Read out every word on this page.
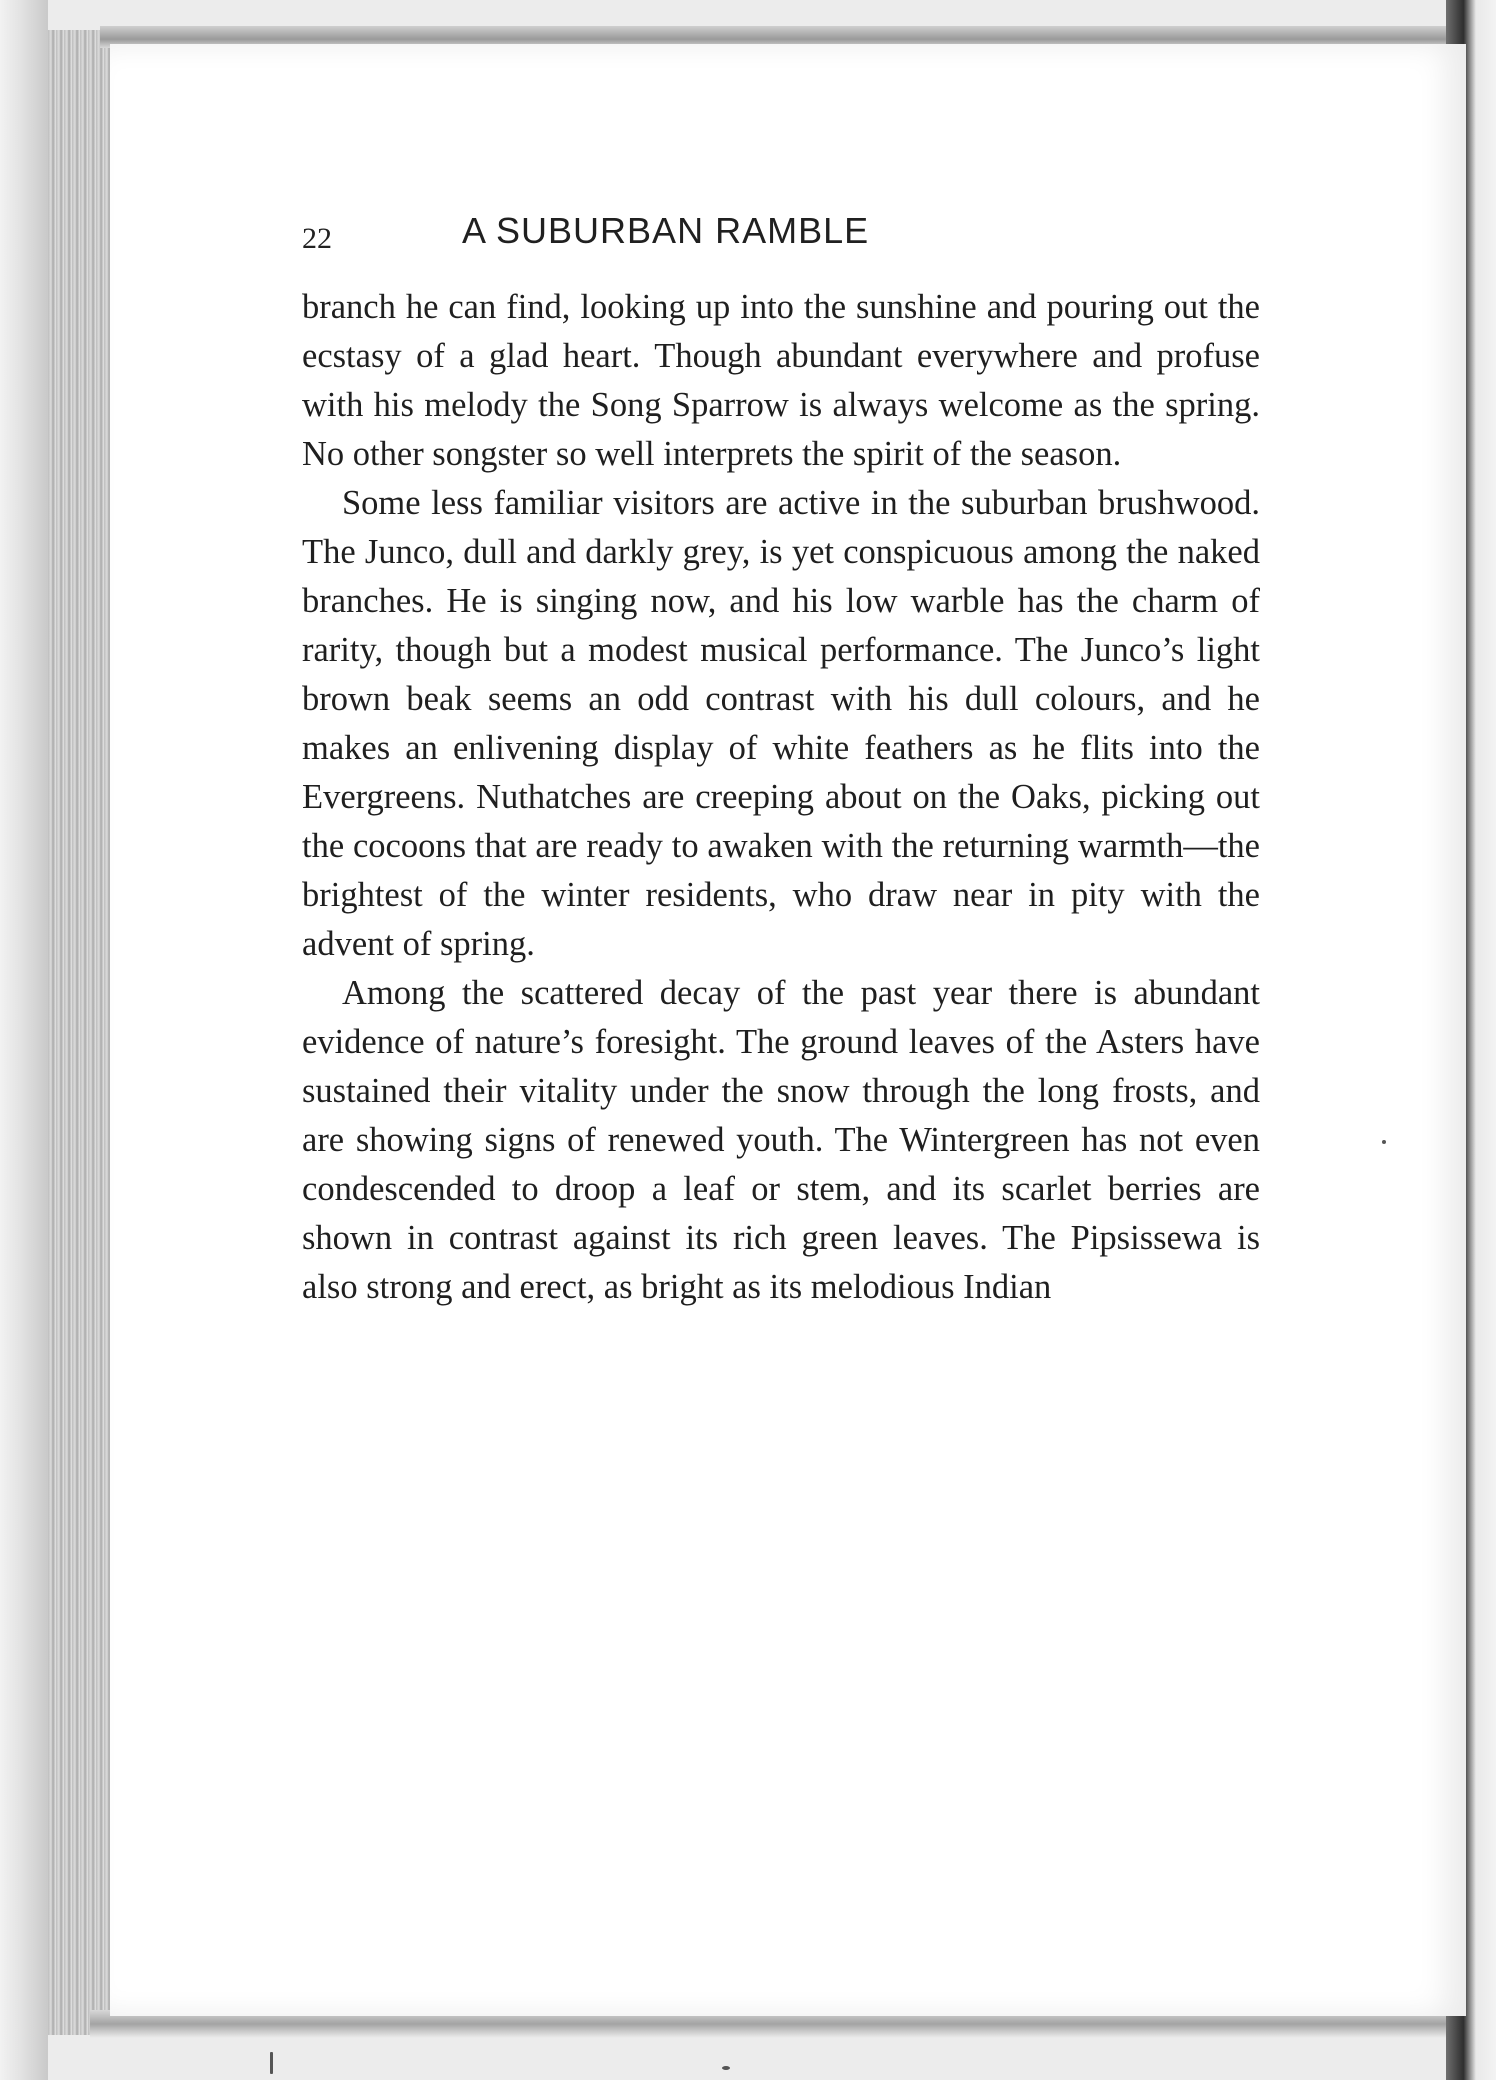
22	A SUBURBAN RAMBLE

branch he can find, looking up into the sunshine and pouring out the ecstasy of a glad heart. Though abundant everywhere and profuse with his melody the Song Sparrow is always welcome as the spring. No other songster so well interprets the spirit of the season.

Some less familiar visitors are active in the suburban brushwood. The Junco, dull and darkly grey, is yet conspicuous among the naked branches. He is singing now, and his low warble has the charm of rarity, though but a modest musical performance. The Junco’s light brown beak seems an odd contrast with his dull colours, and he makes an enlivening display of white feathers as he flits into the Evergreens. Nuthatches are creeping about on the Oaks, picking out the cocoons that are ready to awaken with the returning warmth—the brightest of the winter residents, who draw near in pity with the advent of spring.

Among the scattered decay of the past year there is abundant evidence of nature’s foresight. The ground leaves of the Asters have sustained their vitality under the snow through the long frosts, and are showing signs of renewed youth. The Wintergreen has not even condescended to droop a leaf or stem, and its scarlet berries are shown in contrast against its rich green leaves. The Pipsissewa is also strong and erect, as bright as its melodious Indian
